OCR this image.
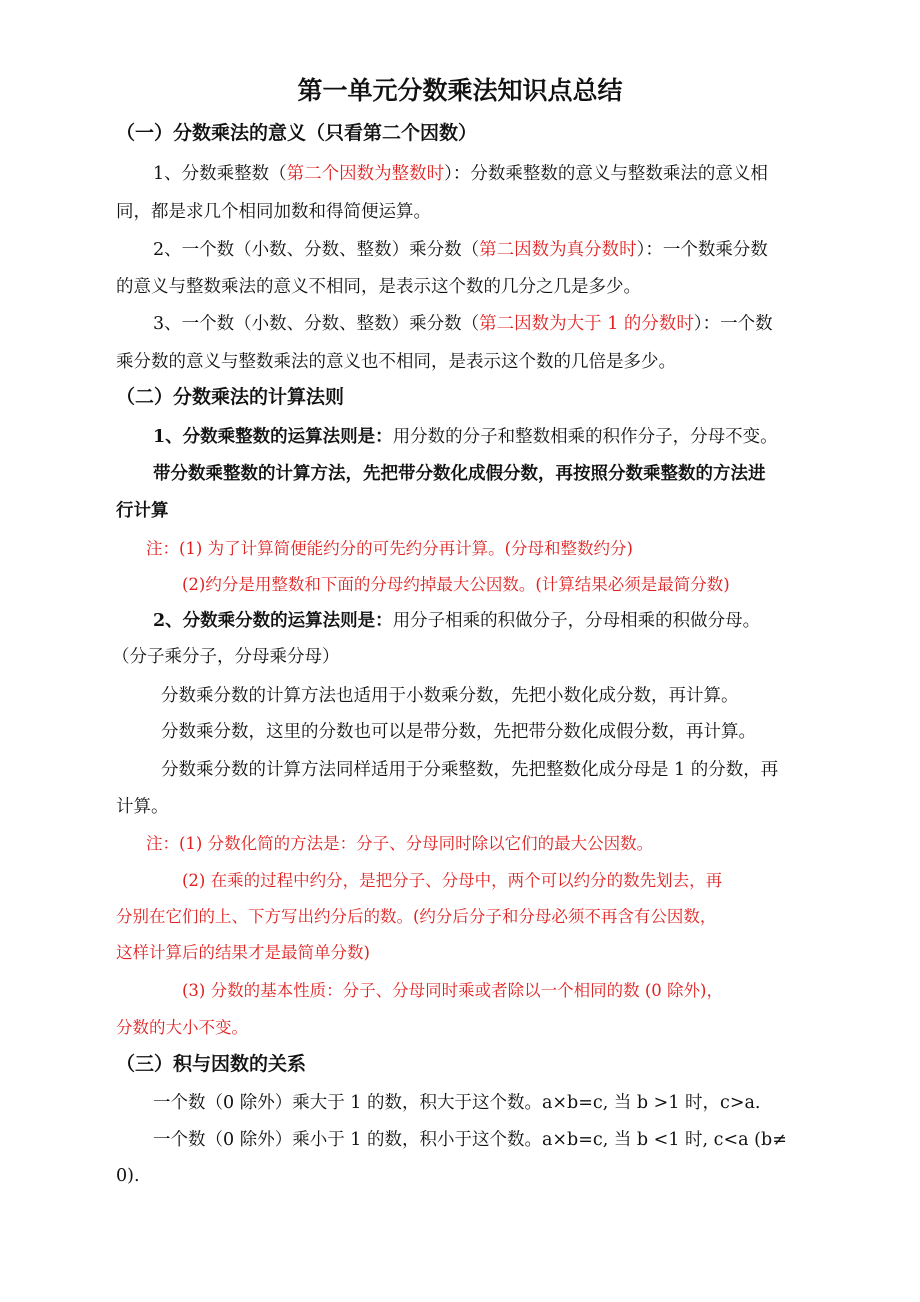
第一单元分数乘法知识点总结
（一）分数乘法的意义（只看第二个因数）
1、分数乘整数（第二个因数为整数时）：分数乘整数的意义与整数乘法的意义相
同，都是求几个相同加数和得简便运算。
2、一个数（小数、分数、整数）乘分数（第二因数为真分数时）：一个数乘分数
的意义与整数乘法的意义不相同，是表示这个数的几分之几是多少。
3、一个数（小数、分数、整数）乘分数（第二因数为大于 1 的分数时）：一个数
乘分数的意义与整数乘法的意义也不相同，是表示这个数的几倍是多少。
（二）分数乘法的计算法则
1、分数乘整数的运算法则是：用分数的分子和整数相乘的积作分子，分母不变。
带分数乘整数的计算方法，先把带分数化成假分数，再按照分数乘整数的方法进
行计算
注：(1) 为了计算简便能约分的可先约分再计算。(分母和整数约分)
(2)约分是用整数和下面的分母约掉最大公因数。(计算结果必须是最简分数)
2、分数乘分数的运算法则是：用分子相乘的积做分子，分母相乘的积做分母。
（分子乘分子，分母乘分母）
分数乘分数的计算方法也适用于小数乘分数，先把小数化成分数，再计算。
分数乘分数，这里的分数也可以是带分数，先把带分数化成假分数，再计算。
分数乘分数的计算方法同样适用于分乘整数，先把整数化成分母是 1 的分数，再
计算。
注：(1) 分数化简的方法是：分子、分母同时除以它们的最大公因数。
(2) 在乘的过程中约分，是把分子、分母中，两个可以约分的数先划去，再
分别在它们的上、下方写出约分后的数。(约分后分子和分母必须不再含有公因数，
这样计算后的结果才是最简单分数)
(3) 分数的基本性质：分子、分母同时乘或者除以一个相同的数 (0 除外)，
分数的大小不变。
（三）积与因数的关系
一个数（0 除外）乘大于 1 的数，积大于这个数。a×b=c, 当 b >1 时，c>a.
一个数（0 除外）乘小于 1 的数，积小于这个数。a×b=c, 当 b <1 时, c<a (b≠
0).
